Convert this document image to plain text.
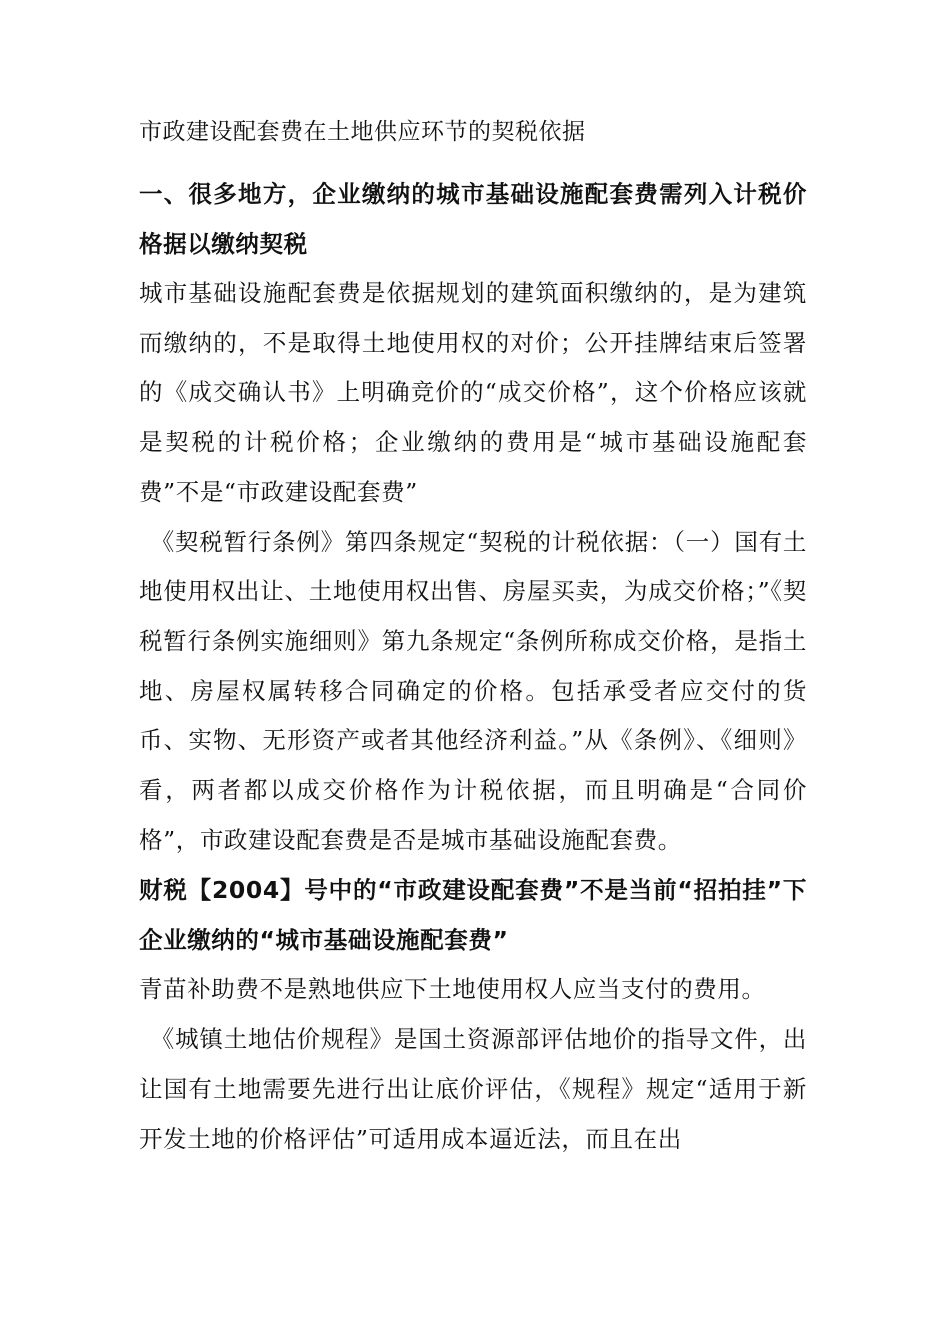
市政建设配套费在土地供应环节的契税依据
一、很多地方，企业缴纳的城市基础设施配套费需列入计税价格据以缴纳契税

城市基础设施配套费是依据规划的建筑面积缴纳的，是为建筑而缴纳的，不是取得土地使用权的对价；公开挂牌结束后签署的《成交确认书》上明确竞价的“成交价格”，这个价格应该就是契税的计税价格；企业缴纳的费用是“城市基础设施配套费”不是“市政建设配套费”

《契税暂行条例》第四条规定“契税的计税依据：（一）国有土地使用权出让、土地使用权出售、房屋买卖，为成交价格；”《契税暂行条例实施细则》第九条规定“条例所称成交价格，是指土地、房屋权属转移合同确定的价格。包括承受者应交付的货币、实物、无形资产或者其他经济利益。”从《条例》、《细则》看，两者都以成交价格作为计税依据，而且明确是“合同价格”，市政建设配套费是否是城市基础设施配套费。

财税【2004】号中的“市政建设配套费”不是当前“招拍挂”下企业缴纳的“城市基础设施配套费”

青苗补助费不是熟地供应下土地使用权人应当支付的费用。

《城镇土地估价规程》是国土资源部评估地价的指导文件，出让国有土地需要先进行出让底价评估，《规程》规定“适用于新开发土地的价格评估”可适用成本逼近法，而且在出
